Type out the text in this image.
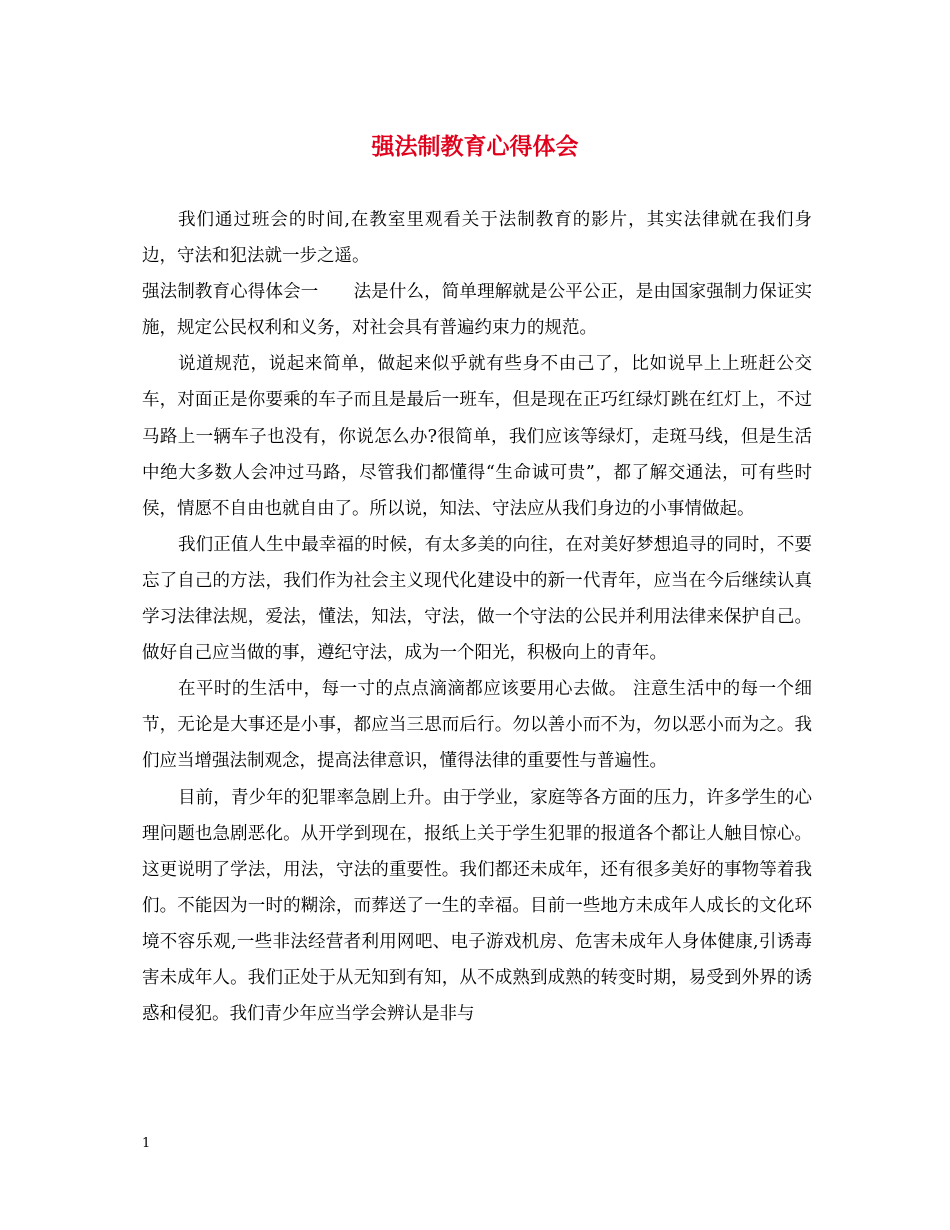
强法制教育心得体会

我们通过班会的时间,在教室里观看关于法制教育的影片，其实法律就在我们身边，守法和犯法就一步之遥。

强法制教育心得体会一　　法是什么，简单理解就是公平公正，是由国家强制力保证实施，规定公民权利和义务，对社会具有普遍约束力的规范。

说道规范，说起来简单，做起来似乎就有些身不由己了，比如说早上上班赶公交车，对面正是你要乘的车子而且是最后一班车，但是现在正巧红绿灯跳在红灯上，不过马路上一辆车子也没有，你说怎么办?很简单，我们应该等绿灯，走斑马线，但是生活中绝大多数人会冲过马路，尽管我们都懂得“生命诚可贵”，都了解交通法，可有些时侯，情愿不自由也就自由了。所以说，知法、守法应从我们身边的小事情做起。

我们正值人生中最幸福的时候，有太多美的向往，在对美好梦想追寻的同时，不要忘了自己的方法，我们作为社会主义现代化建设中的新一代青年，应当在今后继续认真学习法律法规，爱法，懂法，知法，守法，做一个守法的公民并利用法律来保护自己。做好自己应当做的事，遵纪守法，成为一个阳光，积极向上的青年。

在平时的生活中，每一寸的点点滴滴都应该要用心去做。 注意生活中的每一个细节，无论是大事还是小事，都应当三思而后行。勿以善小而不为，勿以恶小而为之。我们应当增强法制观念，提高法律意识，懂得法律的重要性与普遍性。

目前，青少年的犯罪率急剧上升。由于学业，家庭等各方面的压力，许多学生的心理问题也急剧恶化。从开学到现在，报纸上关于学生犯罪的报道各个都让人触目惊心。这更说明了学法，用法，守法的重要性。我们都还未成年，还有很多美好的事物等着我们。不能因为一时的糊涂，而葬送了一生的幸福。目前一些地方未成年人成长的文化环境不容乐观,一些非法经营者利用网吧、电子游戏机房、危害未成年人身体健康,引诱毒害未成年人。我们正处于从无知到有知，从不成熟到成熟的转变时期，易受到外界的诱惑和侵犯。我们青少年应当学会辨认是非与

1
